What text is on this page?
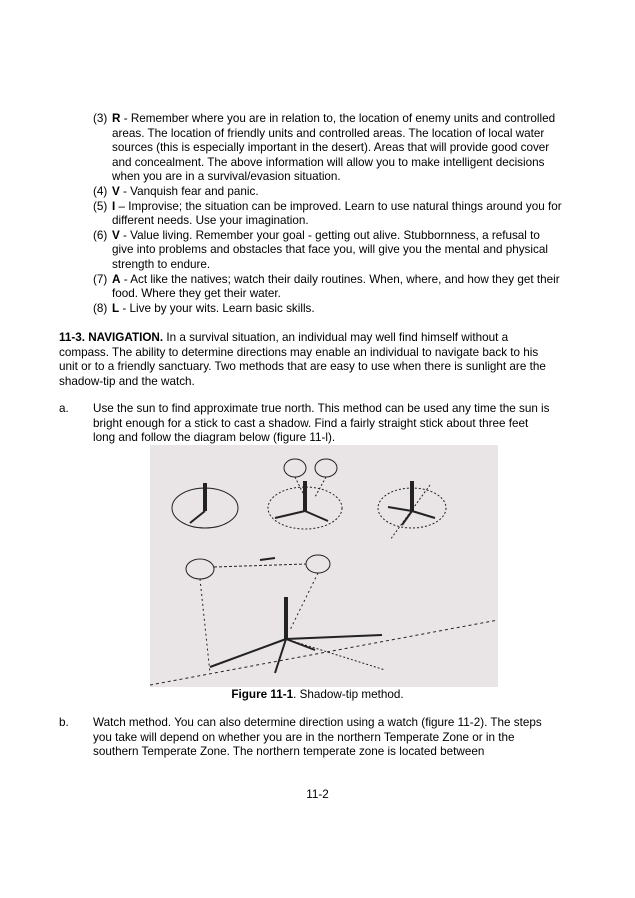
(3) R - Remember where you are in relation to, the location of enemy units and controlled areas. The location of friendly units and controlled areas. The location of local water sources (this is especially important in the desert). Areas that will provide good cover and concealment. The above information will allow you to make intelligent decisions when you are in a survival/evasion situation.
(4) V - Vanquish fear and panic.
(5) I – Improvise; the situation can be improved. Learn to use natural things around you for different needs. Use your imagination.
(6) V - Value living. Remember your goal - getting out alive. Stubbornness, a refusal to give into problems and obstacles that face you, will give you the mental and physical strength to endure.
(7) A - Act like the natives; watch their daily routines. When, where, and how they get their food. Where they get their water.
(8) L - Live by your wits. Learn basic skills.
11-3. NAVIGATION. In a survival situation, an individual may well find himself without a compass. The ability to determine directions may enable an individual to navigate back to his unit or to a friendly sanctuary. Two methods that are easy to use when there is sunlight are the shadow-tip and the watch.
a. Use the sun to find approximate true north. This method can be used any time the sun is bright enough for a stick to cast a shadow. Find a fairly straight stick about three feet long and follow the diagram below (figure 11-l).
Figure 11-1. Shadow-tip method.
b. Watch method. You can also determine direction using a watch (figure 11-2). The steps you take will depend on whether you are in the northern Temperate Zone or in the southern Temperate Zone. The northern temperate zone is located between
11-2
